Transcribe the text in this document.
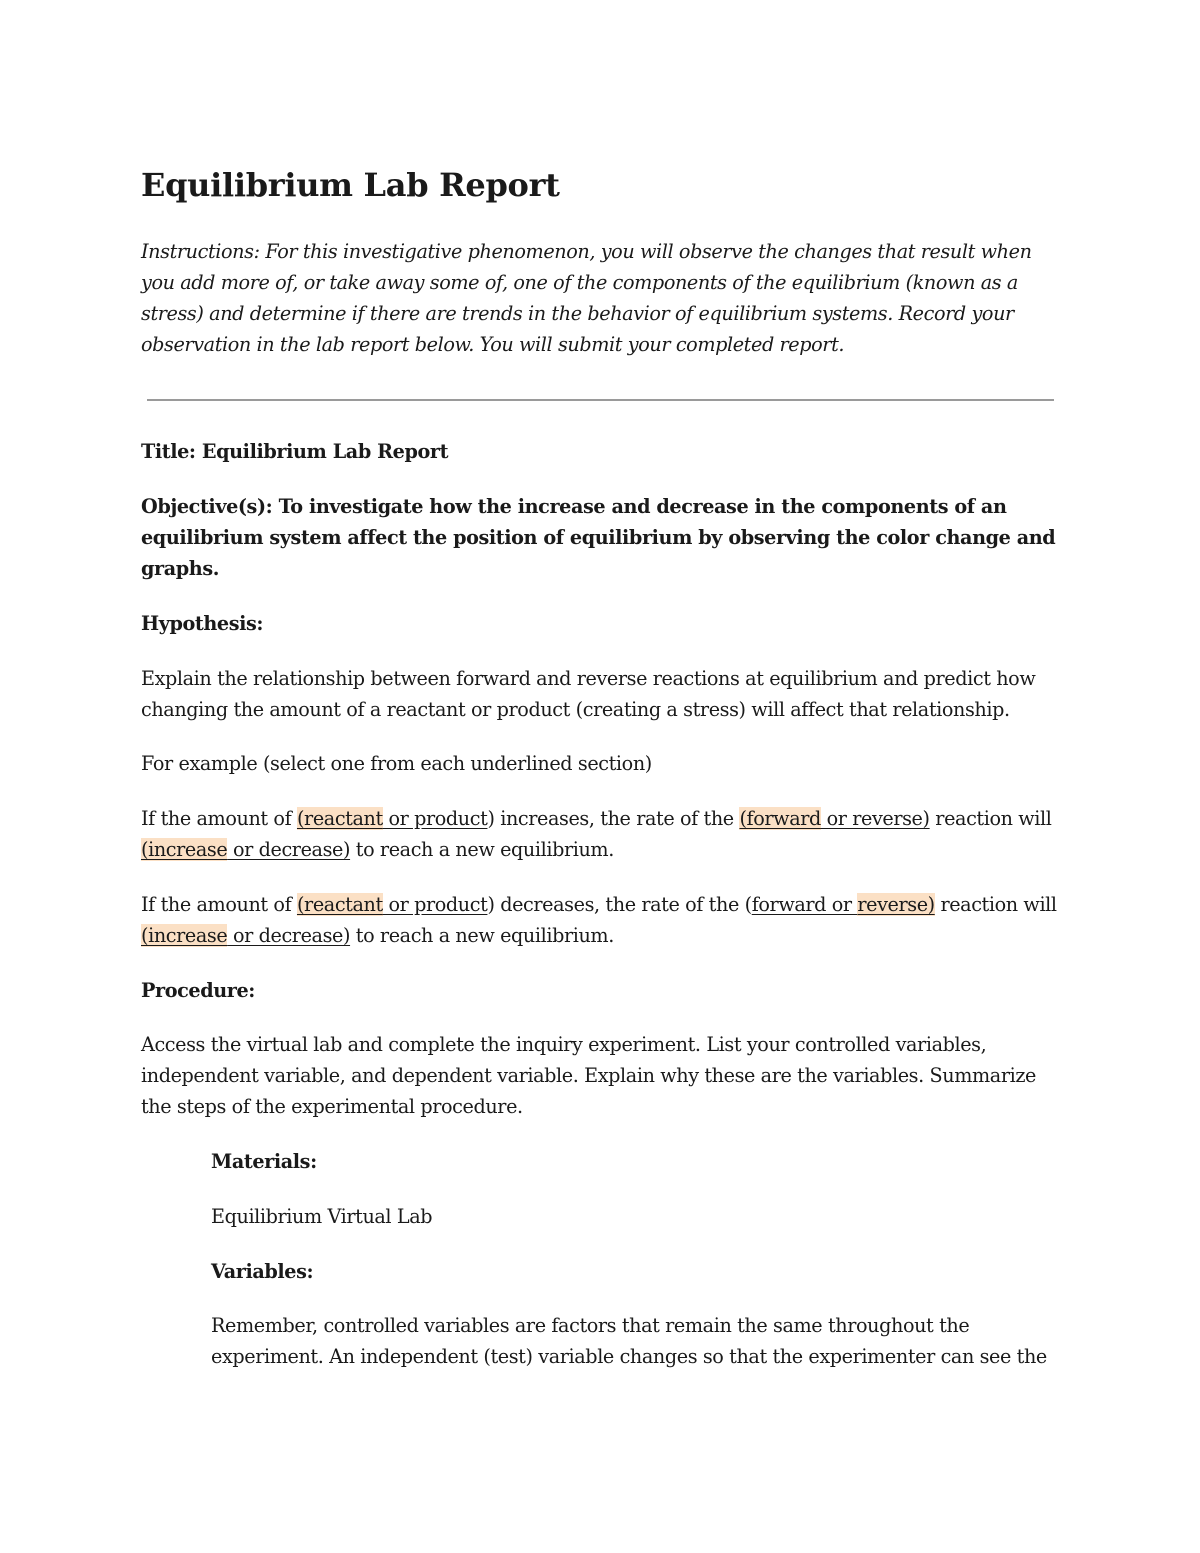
Equilibrium Lab Report

Instructions: For this investigative phenomenon, you will observe the changes that result when you add more of, or take away some of, one of the components of the equilibrium (known as a stress) and determine if there are trends in the behavior of equilibrium systems. Record your observation in the lab report below. You will submit your completed report.

Title: Equilibrium Lab Report

Objective(s): To investigate how the increase and decrease in the components of an equilibrium system affect the position of equilibrium by observing the color change and graphs.

Hypothesis:

Explain the relationship between forward and reverse reactions at equilibrium and predict how changing the amount of a reactant or product (creating a stress) will affect that relationship.

For example (select one from each underlined section)

If the amount of (reactant or product) increases, the rate of the (forward or reverse) reaction will (increase or decrease) to reach a new equilibrium.

If the amount of (reactant or product) decreases, the rate of the (forward or reverse) reaction will (increase or decrease) to reach a new equilibrium.

Procedure:

Access the virtual lab and complete the inquiry experiment. List your controlled variables, independent variable, and dependent variable. Explain why these are the variables. Summarize the steps of the experimental procedure.

Materials:

Equilibrium Virtual Lab

Variables:

Remember, controlled variables are factors that remain the same throughout the experiment. An independent (test) variable changes so that the experimenter can see the
